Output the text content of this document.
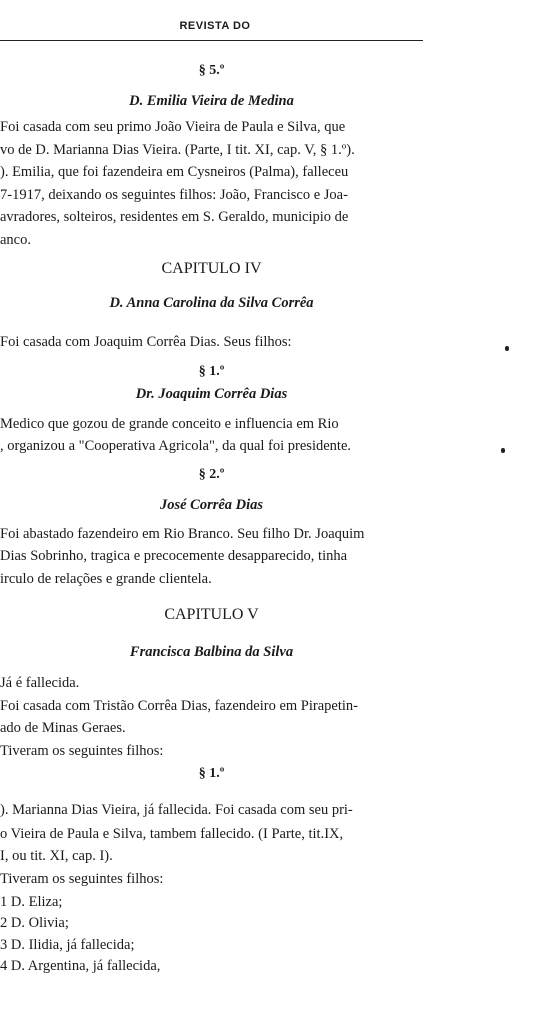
REVISTA DO
§ 5.º
D. Emilia Vieira de Medina
Foi casada com seu primo João Vieira de Paula e Silva, que
vo de D. Marianna Dias Vieira. (Parte, I tit. XI, cap. V, § 1.º).
). Emilia, que foi fazendeira em Cysneiros (Palma), falleceu
7-1917, deixando os seguintes filhos: João, Francisco e Joa-
avradores, solteiros, residentes em S. Geraldo, municipio de
anco.
CAPITULO IV
D. Anna Carolina da Silva Corrêa
Foi casada com Joaquim Corrêa Dias. Seus filhos:
§ 1.º
Dr. Joaquim Corrêa Dias
Medico que gozou de grande conceito e influencia em Rio
, organizou a "Cooperativa Agricola", da qual foi presidente.
§ 2.º
José Corrêa Dias
Foi abastado fazendeiro em Rio Branco. Seu filho Dr. Joaquim
Dias Sobrinho, tragica e precocemente desapparecido, tinha
irculo de relações e grande clientela.
CAPITULO V
Francisca Balbina da Silva
Já é fallecida.
Foi casada com Tristão Corrêa Dias, fazendeiro em Pirapetin-
ado de Minas Geraes.
Tiveram os seguintes filhos:
§ 1.º
). Marianna Dias Vieira, já fallecida. Foi casada com seu pri-
o Vieira de Paula e Silva, tambem fallecido. (I Parte, tit.IX,
I, ou tit. XI, cap. I).
Tiveram os seguintes filhos:
1 D. Eliza;
2 D. Olivia;
3 D. Ilidia, já fallecida;
4 D. Argentina, já fallecida,
